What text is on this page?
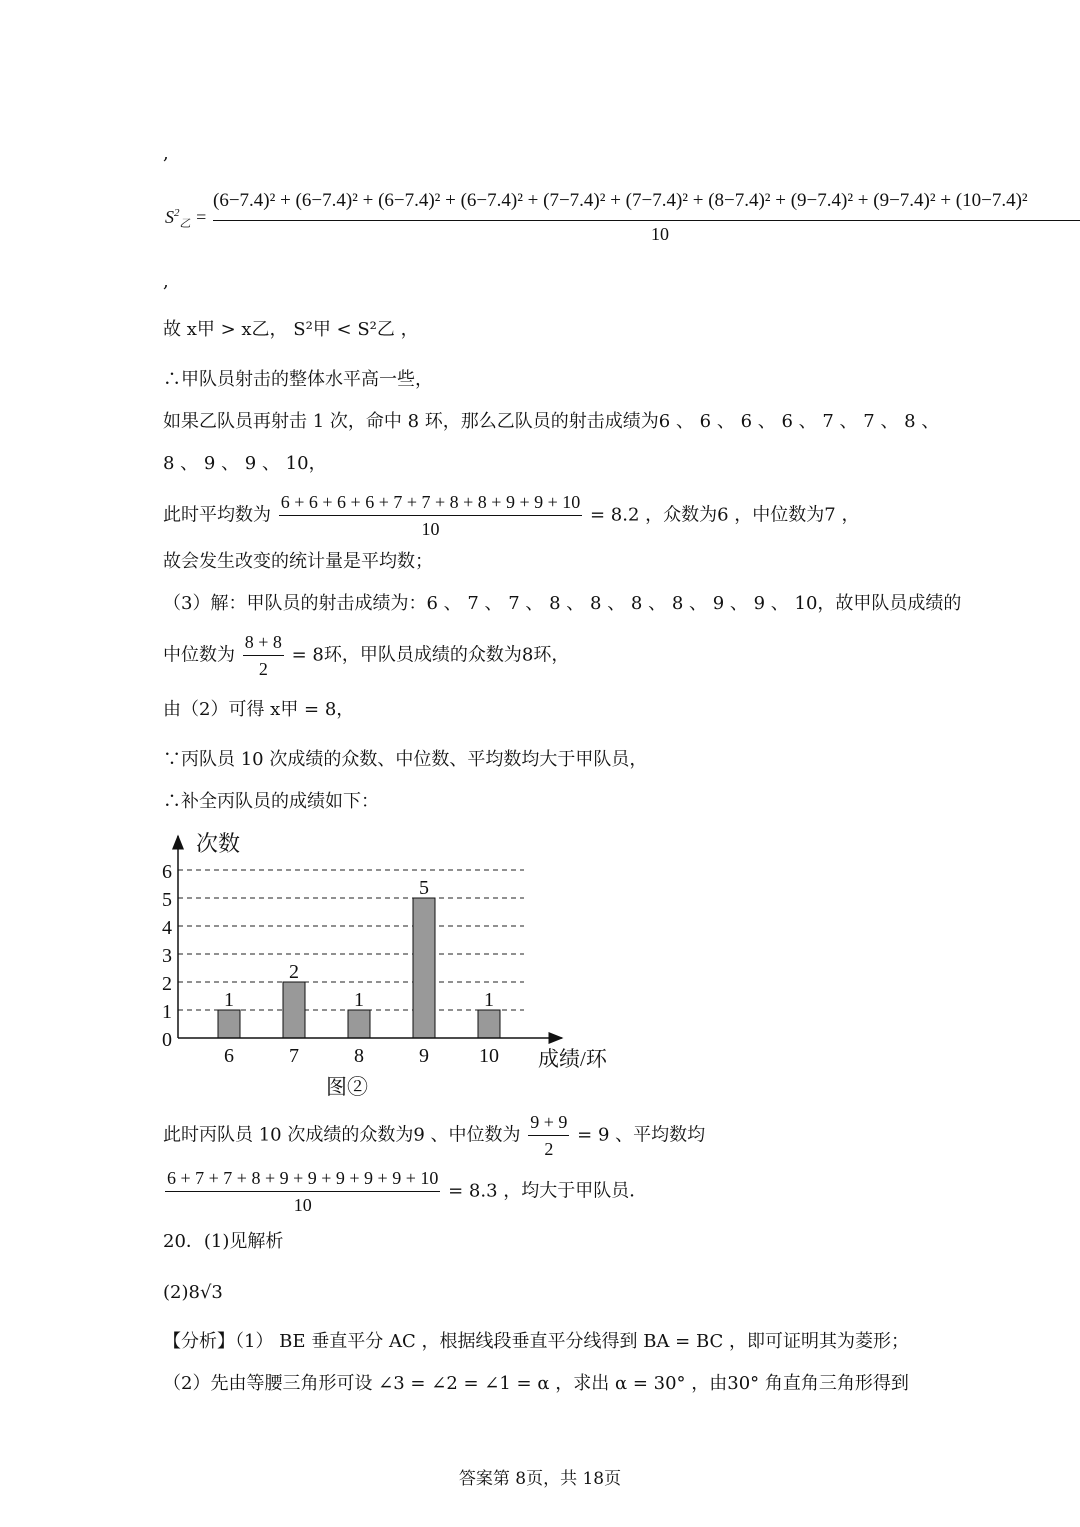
,
$S^2_乙$ =
(6−7.4)² + (6−7.4)² + (6−7.4)² + (6−7.4)² + (7−7.4)² + (7−7.4)² + (8−7.4)² + (9−7.4)² + (9−7.4)² + (10−7.4)²
10
,
故 x甲 > x乙， S²甲 < S²乙 ，
∴甲队员射击的整体水平高一些，
如果乙队员再射击 1 次，命中 8 环，那么乙队员的射击成绩为6 、 6 、 6 、 6 、 7 、 7 、 8 、
8 、 9 、 9 、 10，
此时平均数为 $\frac{6 + 6 + 6 + 6 + 7 + 7 + 8 + 8 + 9 + 9 + 10}{10} = 8.2$ ，众数为6 ，中位数为7 ，
故会发生改变的统计量是平均数；
（3）解：甲队员的射击成绩为：6 、 7 、 7 、 8 、 8 、 8 、 8 、 9 、 9 、 10，故甲队员成绩的
中位数为 $\frac{8 + 8}{2} = 8$环，甲队员成绩的众数为8环，
由（2）可得 x甲 = 8，
∵丙队员 10 次成绩的众数、中位数、平均数均大于甲队员，
∴补全丙队员的成绩如下：
次数
成绩/环
图②
0
1
2
3
4
5
6
6	7	8	9	10
1
2
1
5
1
此时丙队员 10 次成绩的众数为9 、中位数为 $\frac{9 + 9}{2} = 9$ 、平均数均
$\frac{6 + 7 + 7 + 8 + 9 + 9 + 9 + 9 + 9 + 10}{10} = 8.3$ ，均大于甲队员．
20．(1)见解析
(2)8√3
【分析】（1） BE 垂直平分 AC ，根据线段垂直平分线得到 BA = BC ，即可证明其为菱形；
（2）先由等腰三角形可设 ∠3 = ∠2 = ∠1 = α ，求出 α = 30° ，由30° 角直角三角形得到
答案第 8页，共 18页
